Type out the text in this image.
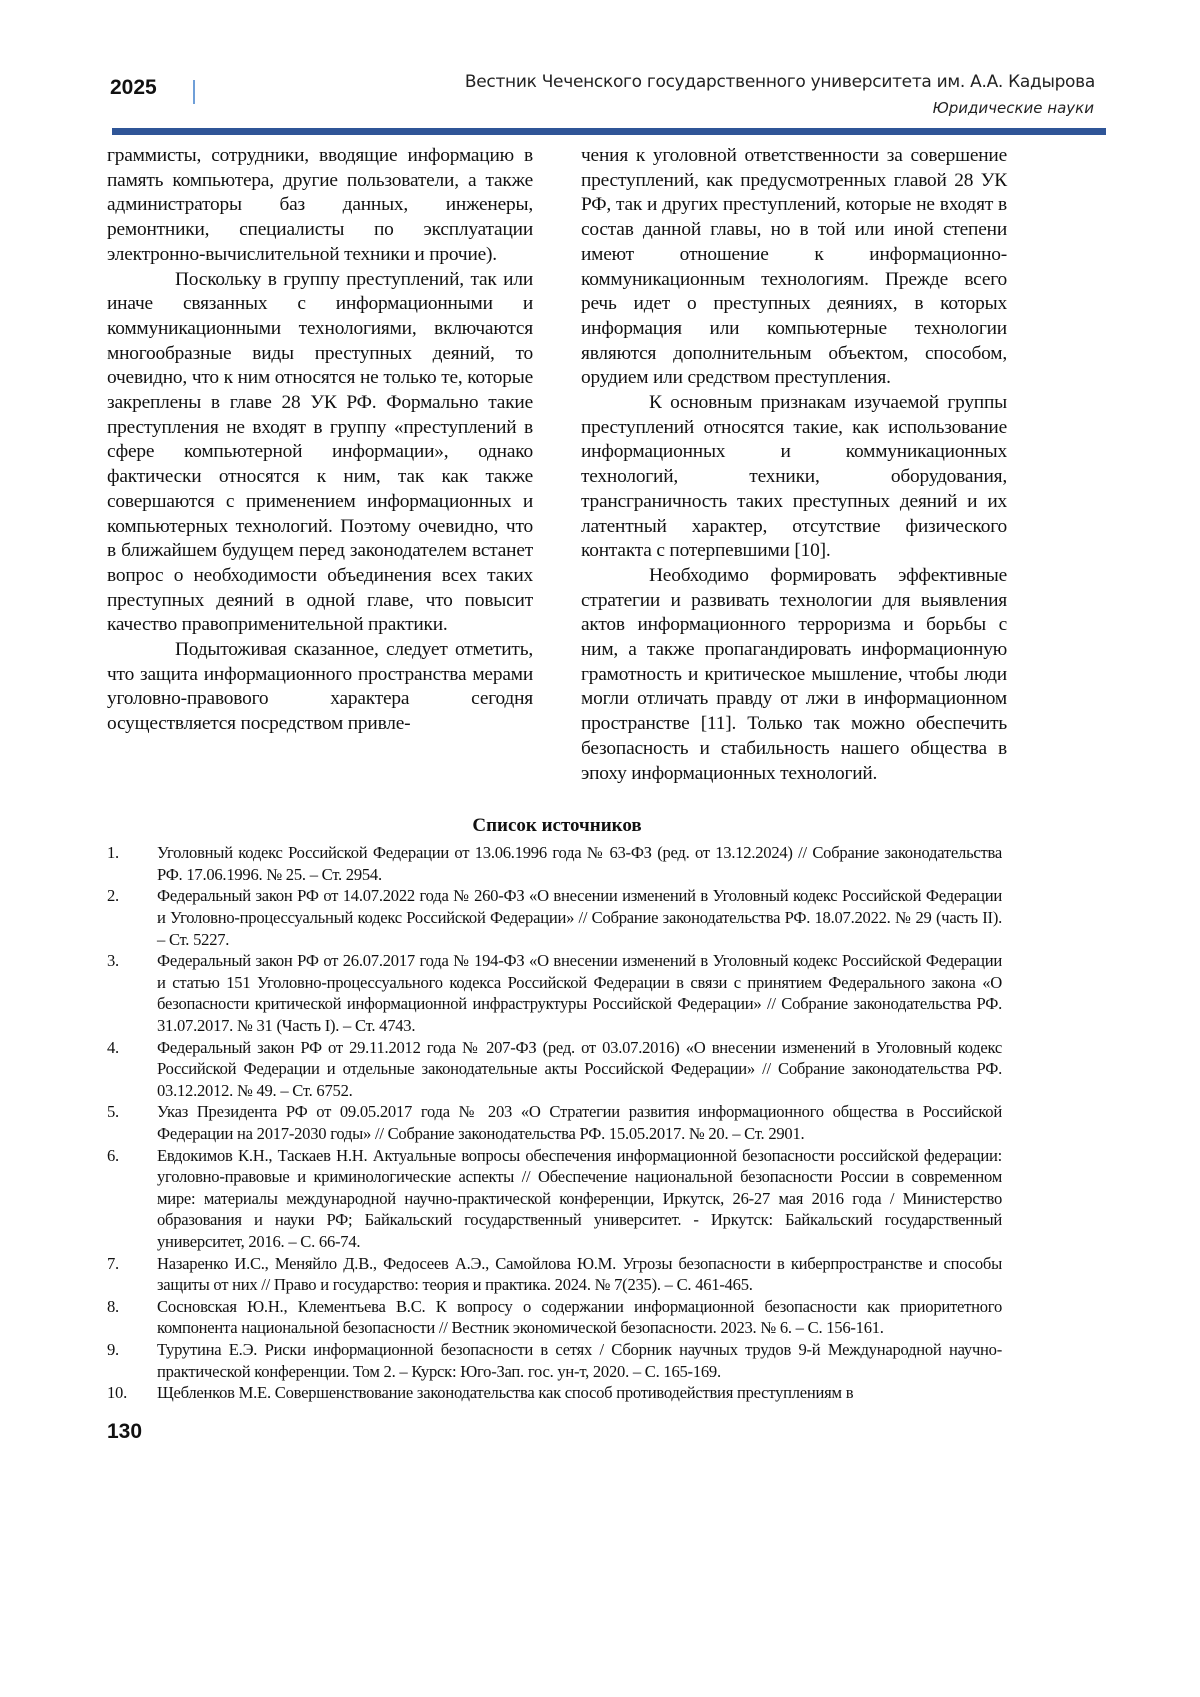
2025	Вестник Чеченского государственного университета им. А.А. Кадырова
Юридические науки

граммисты, сотрудники, вводящие информацию в память компьютера, другие пользователи, а также администраторы баз данных, инженеры, ремонтники, специалисты по эксплуатации электронно-вычислительной техники и прочие).

Поскольку в группу преступлений, так или иначе связанных с информационными и коммуникационными технологиями, включаются многообразные виды преступных деяний, то очевидно, что к ним относятся не только те, которые закреплены в главе 28 УК РФ. Формально такие преступления не входят в группу «преступлений в сфере компьютерной информации», однако фактически относятся к ним, так как также совершаются с применением информационных и компьютерных технологий. Поэтому очевидно, что в ближайшем будущем перед законодателем встанет вопрос о необходимости объединения всех таких преступных деяний в одной главе, что повысит качество правоприменительной практики.

Подытоживая сказанное, следует отметить, что защита информационного пространства мерами уголовно-правового характера сегодня осуществляется посредством привле-

чения к уголовной ответственности за совершение преступлений, как предусмотренных главой 28 УК РФ, так и других преступлений, которые не входят в состав данной главы, но в той или иной степени имеют отношение к информационно-коммуникационным технологиям. Прежде всего речь идет о преступных деяниях, в которых информация или компьютерные технологии являются дополнительным объектом, способом, орудием или средством преступления.

К основным признакам изучаемой группы преступлений относятся такие, как использование информационных и коммуникационных технологий, техники, оборудования, трансграничность таких преступных деяний и их латентный характер, отсутствие физического контакта с потерпевшими [10].

Необходимо формировать эффективные стратегии и развивать технологии для выявления актов информационного терроризма и борьбы с ним, а также пропагандировать информационную грамотность и критическое мышление, чтобы люди могли отличать правду от лжи в информационном пространстве [11]. Только так можно обеспечить безопасность и стабильность нашего общества в эпоху информационных технологий.

Список источников
1.	Уголовный кодекс Российской Федерации от 13.06.1996 года № 63-ФЗ (ред. от 13.12.2024) // Собрание законодательства РФ. 17.06.1996. № 25. – Ст. 2954.
2.	Федеральный закон РФ от 14.07.2022 года № 260-ФЗ «О внесении изменений в Уголовный кодекс Российской Федерации и Уголовно-процессуальный кодекс Российской Федерации» // Собрание законодательства РФ. 18.07.2022. № 29 (часть II). – Ст. 5227.
3.	Федеральный закон РФ от 26.07.2017 года № 194-ФЗ «О внесении изменений в Уголовный кодекс Российской Федерации и статью 151 Уголовно-процессуального кодекса Российской Федерации в связи с принятием Федерального закона «О безопасности критической информационной инфраструктуры Российской Федерации» // Собрание законодательства РФ. 31.07.2017. № 31 (Часть I). – Ст. 4743.
4.	Федеральный закон РФ от 29.11.2012 года № 207-ФЗ (ред. от 03.07.2016) «О внесении изменений в Уголовный кодекс Российской Федерации и отдельные законодательные акты Российской Федерации» // Собрание законодательства РФ. 03.12.2012. № 49. – Ст. 6752.
5.	Указ Президента РФ от 09.05.2017 года № 203 «О Стратегии развития информационного общества в Российской Федерации на 2017-2030 годы» // Собрание законодательства РФ. 15.05.2017. № 20. – Ст. 2901.
6.	Евдокимов К.Н., Таскаев Н.Н. Актуальные вопросы обеспечения информационной безопасности российской федерации: уголовно-правовые и криминологические аспекты // Обеспечение национальной безопасности России в современном мире: материалы международной научно-практической конференции, Иркутск, 26-27 мая 2016 года / Министерство образования и науки РФ; Байкальский государственный университет. - Иркутск: Байкальский государственный университет, 2016. – С. 66-74.
7.	Назаренко И.С., Меняйло Д.В., Федосеев А.Э., Самойлова Ю.М. Угрозы безопасности в киберпространстве и способы защиты от них // Право и государство: теория и практика. 2024. № 7(235). – С. 461-465.
8.	Сосновская Ю.Н., Клементьева В.С. К вопросу о содержании информационной безопасности как приоритетного компонента национальной безопасности // Вестник экономической безопасности. 2023. № 6. – С. 156-161.
9.	Турутина Е.Э. Риски информационной безопасности в сетях / Сборник научных трудов 9-й Международной научно-практической конференции. Том 2. – Курск: Юго-Зап. гос. ун-т, 2020. – С. 165-169.
10.	Щебленков М.Е. Совершенствование законодательства как способ противодействия преступлениям в
130
